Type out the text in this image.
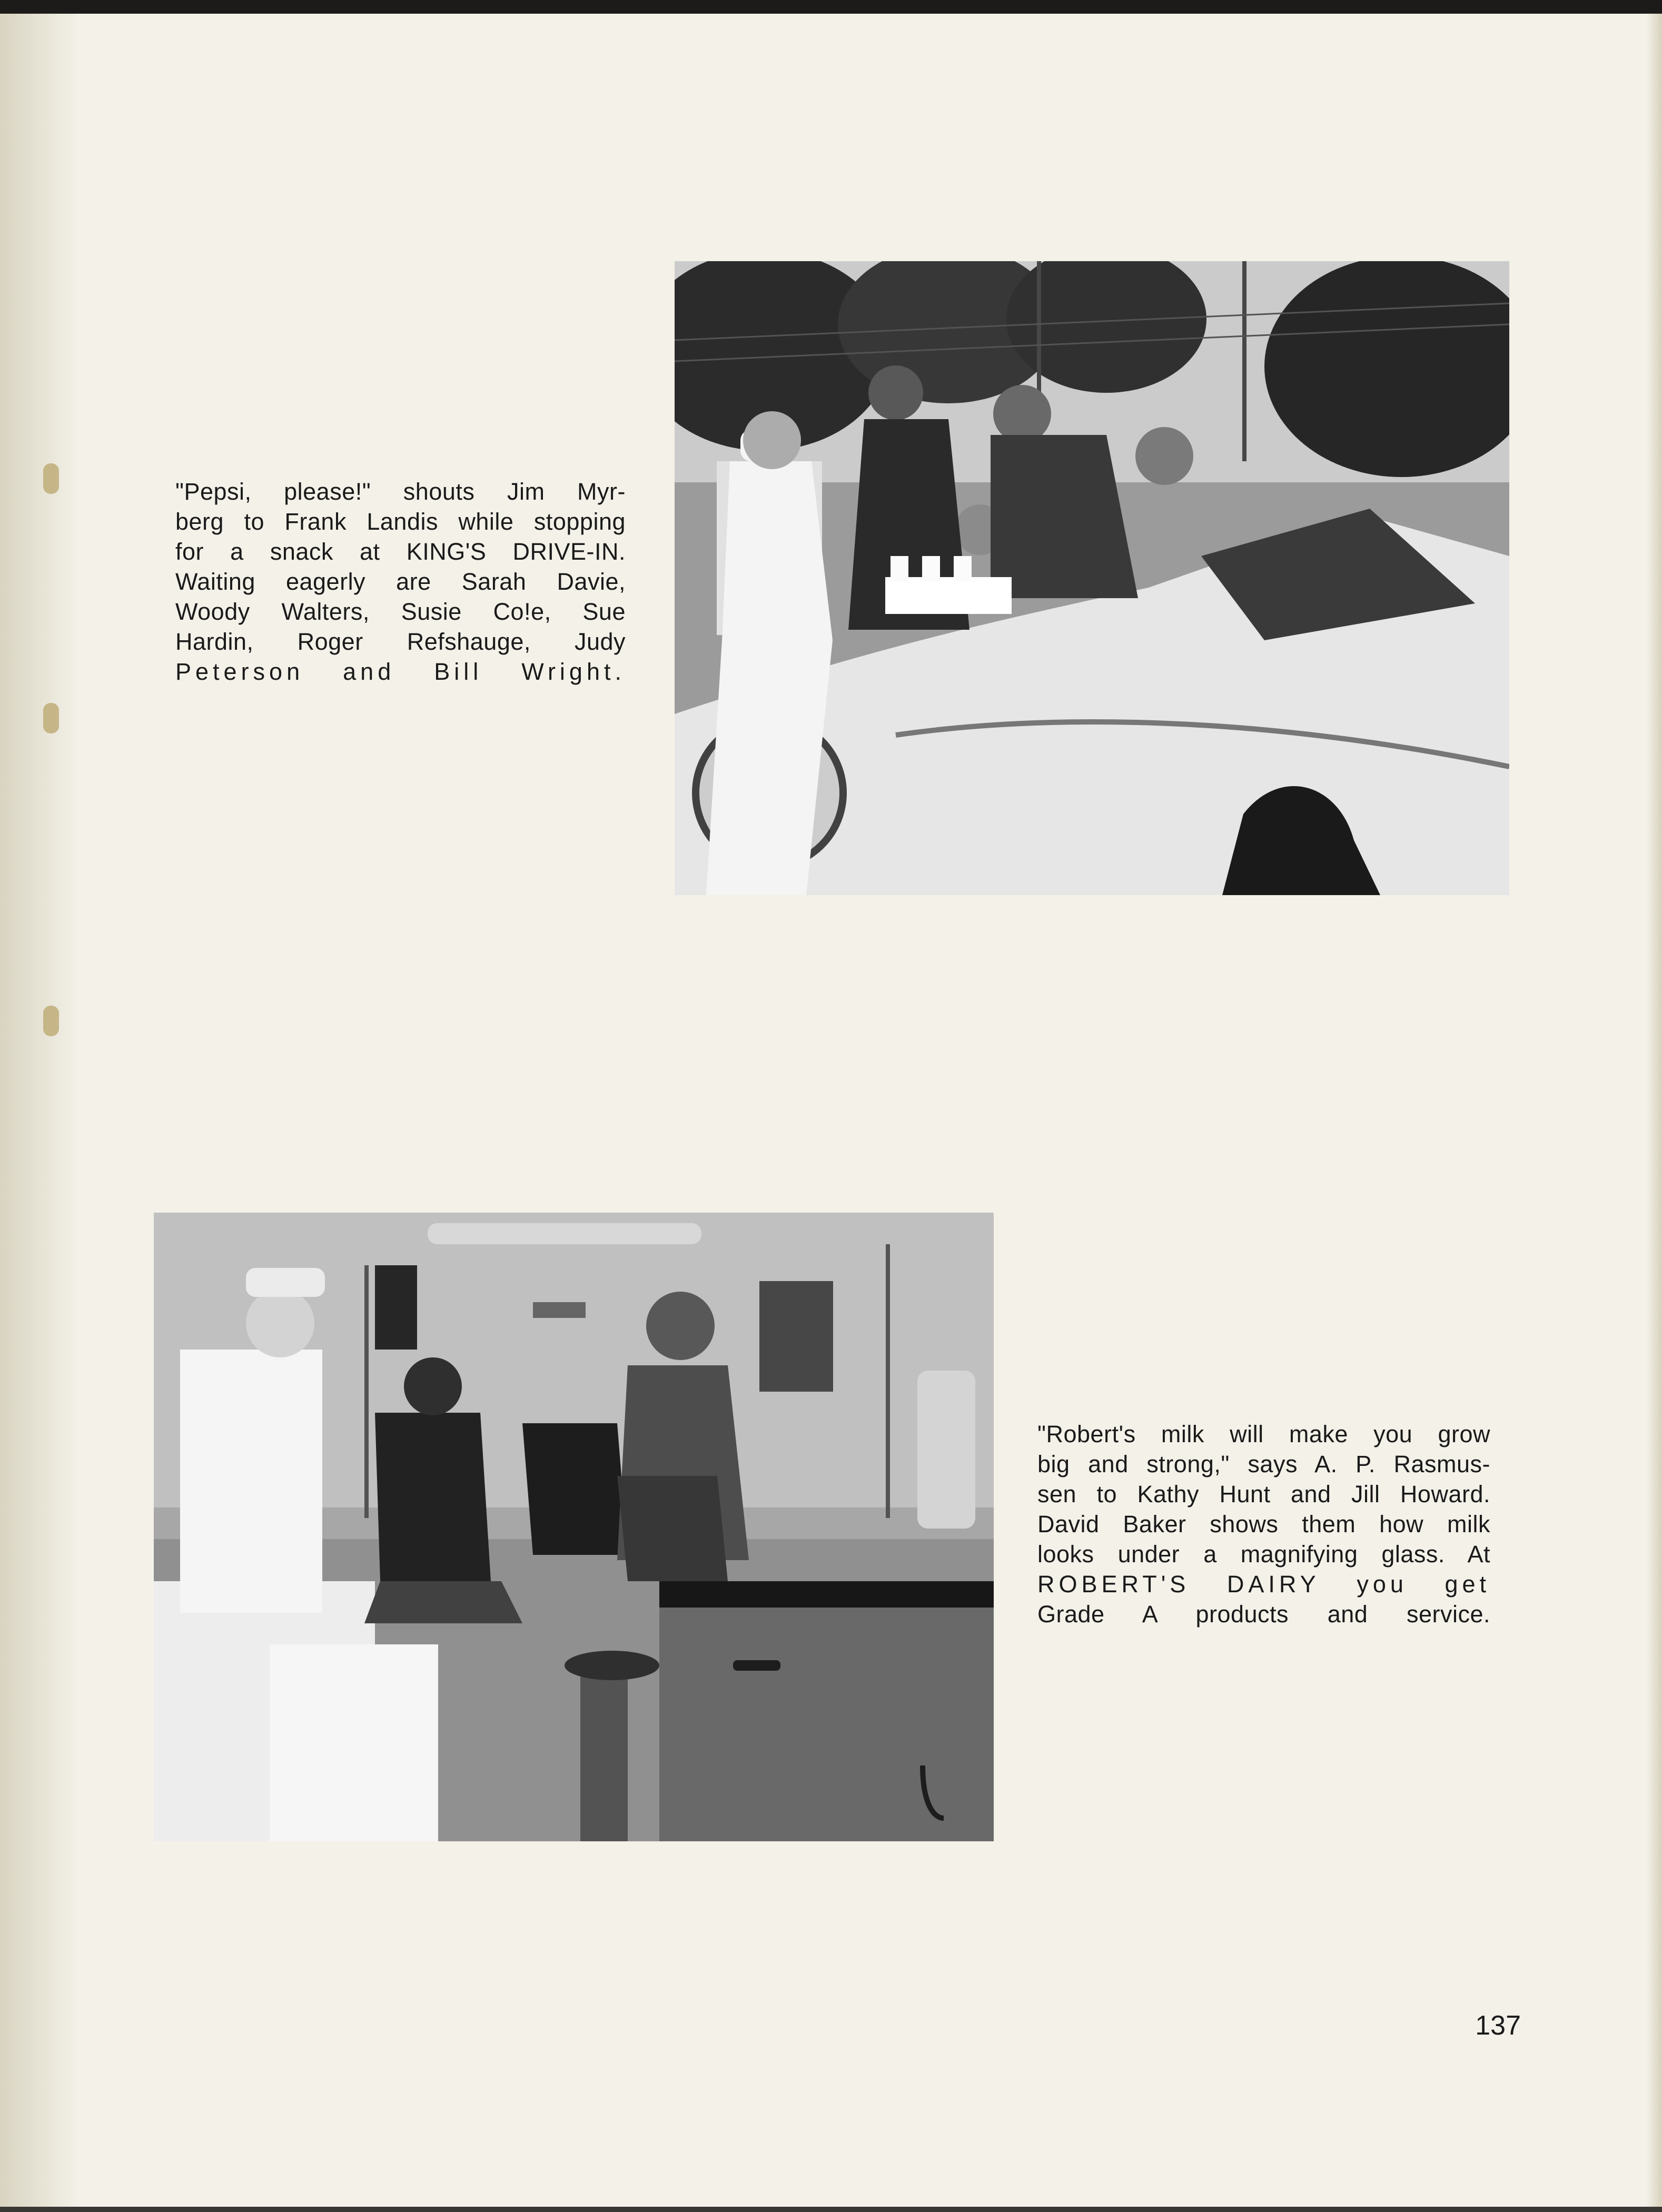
"Pepsi, please!" shouts Jim Myr-
berg to Frank Landis while stopping
for a snack at KING'S DRIVE-IN.
Waiting eagerly are Sarah Davie,
Woody Walters, Susie Co!e, Sue
Hardin, Roger Refshauge, Judy
Peterson and Bill Wright.
"Robert's milk will make you grow
big and strong," says A. P. Rasmus-
sen to Kathy Hunt and Jill Howard.
David Baker shows them how milk
looks under a magnifying glass. At
ROBERT'S DAIRY you get
Grade A products and service.
137
